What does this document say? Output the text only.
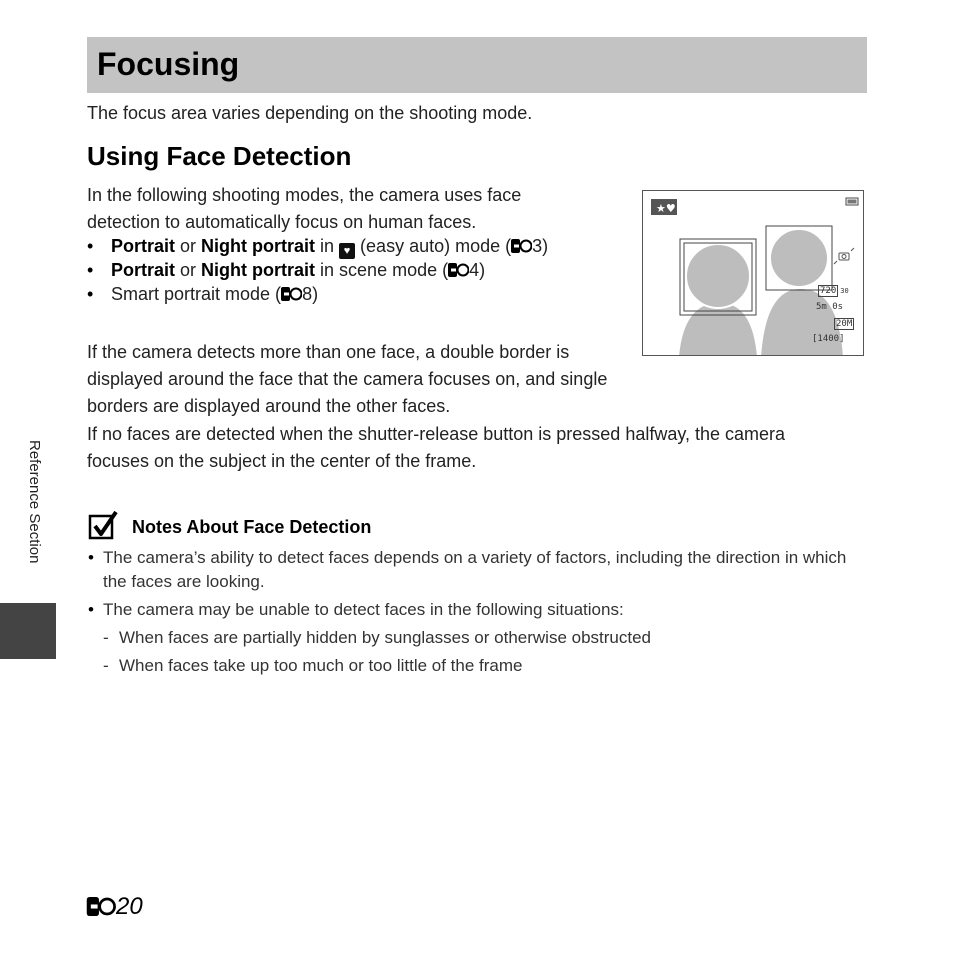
Focusing
The focus area varies depending on the shooting mode.
Using Face Detection

In the following shooting modes, the camera uses face detection to automatically focus on human faces.

• Portrait or Night portrait in ♥ (easy auto) mode ( 3)
• Portrait or Night portrait in scene mode ( 4)
• Smart portrait mode ( 8)
★♥
720 30
5m 0s
20M
[1400]

If the camera detects more than one face, a double border is displayed around the face that the camera focuses on, and single borders are displayed around the other faces.

If no faces are detected when the shutter-release button is pressed halfway, the camera focuses on the subject in the center of the frame.

Notes About Face Detection
• The camera’s ability to detect faces depends on a variety of factors, including the direction in which the faces are looking.
• The camera may be unable to detect faces in the following situations:
- When faces are partially hidden by sunglasses or otherwise obstructed
- When faces take up too much or too little of the frame
Reference Section
20
